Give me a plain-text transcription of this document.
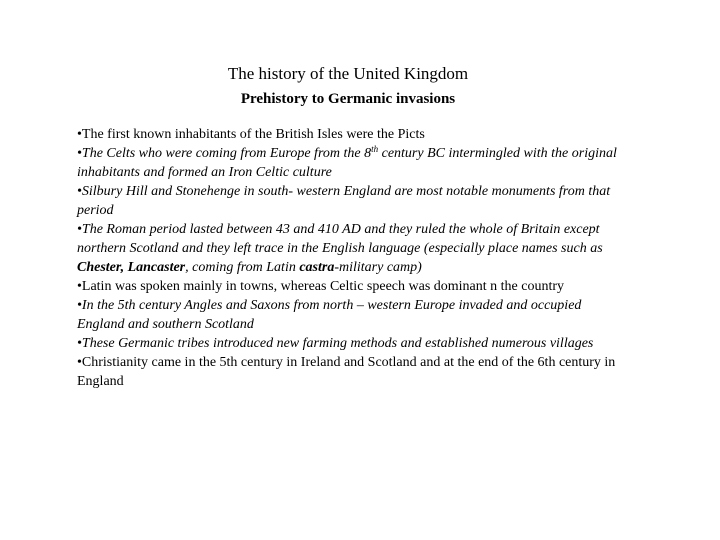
The history of the United Kingdom
Prehistory to Germanic invasions
•The first known inhabitants of the British Isles were the Picts
•The Celts who were coming from Europe from the 8th century BC intermingled with the original inhabitants and formed an Iron Celtic culture
•Silbury Hill and Stonehenge in south- western England are most notable monuments from that period
•The Roman period lasted between 43 and 410 AD and they ruled the whole of Britain except northern Scotland and they left trace in the English language (especially place names such as Chester, Lancaster, coming from Latin castra-military camp)
•Latin was spoken mainly in towns, whereas Celtic speech was dominant n the country
•In the 5th century Angles and Saxons from north – western Europe invaded and occupied England and southern Scotland
•These Germanic tribes introduced new farming methods and established numerous villages
•Christianity came in the 5th century in Ireland and Scotland and at the end of the 6th century in England
